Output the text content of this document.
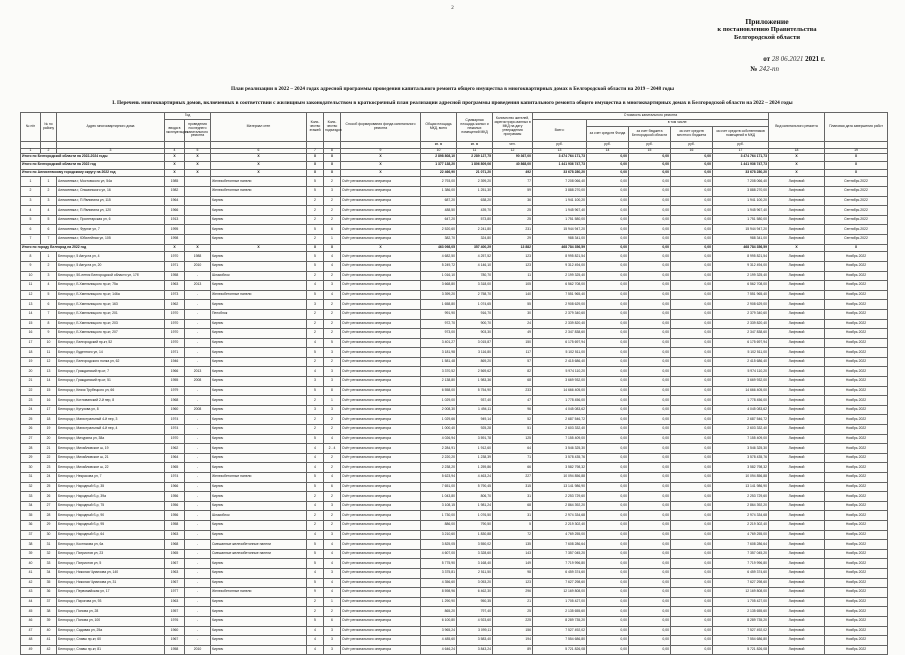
2
Приложение
к постановлению Правительства
Белгородской области
от 28 06.2021 2021 г.
№ 242-пп
План реализации в 2022 – 2024 годах адресной программы проведения капитального ремонта общего имущества в многоквартирных домах в Белгородской области на 2019 – 2048 годы
I. Перечень многоквартирных домов, включенных в соответствии с жилищным законодательством в краткосрочный план реализации адресной программы проведения капитального ремонта общего имущества в многоквартирных домах в Белгородской области на 2022 – 2024 годы
№ п/п	№ по району	Адрес многоквартирного дома	Год		Материал стен	Коли-чество этажей	Коли-чество подъездов	Способ формирования фонда капитального ремонта	Общая площадь МКД, всего	Суммарная площадь жилых и нежилых помещений МКД	Количество жителей, зарегистриро-ванных в МКД на дату утверждения программы	Стоимость капитального ремонта					Вид капитального ремонта	Плановая дата завершения работ
			ввода в эксплуатацию	проведения последнего капитального ремонта								Всего:	в том числе:					
													за счет средств Фонда	за счет бюджета Белгородской области	за счет средств местного бюджета	за счет средств собственников помещений в МКД		
									кв. м	кв. м	чел.	руб.	руб.	руб.	руб.	руб.		
1	2	3	4	5	6	7	8	9	10	11	12	13	14	15	16	17	18	19
Итого по Белгородской области на 2022-2024 годы			X	X	X	X	X	X	2 898 808,10	2 289 127,75	90 367,00	3 474 764 171,73	0,00	0,00	0,00	3 474 764 171,73	X	X
Итого по Белгородской области на 2022 год			X	X	X	X	X	X	1 377 138,20	1 806 809,06	40 868,00	1 441 936 747,73	0,00	0,00	0,00	1 441 936 747,73	X	X
Итого по Алексеевскому городскому округу на 2022 год			X	X	X	X	X	X	22 466,90	21 071,20	492	33 678 280,20	0,00	0,00	0,00	33 678 280,20	X	X
1	1	Алексеевка г, Мостовского ул, 54а	1985		Железобетонные панели	5	2	Счёт регионального оператора	2 793,00	2 399,20	77	7 208 066,40	0,00	0,00	0,00	7 208 066,40	Лифтовой	Сентябрь 2022
2	2	Алексеевка г, Ольминского ул, 16	1982		Железобетонные панели	5	3	Счёт регионального оператора	1 386,00	1 251,30	59	3 888 270,00	0,00	0,00	0,00	3 888 270,00	Лифтовой	Сентябрь 2022
3	3	Алексеевка г, П.Явлинина ул, 115	1964		Кирпич	2	2	Счёт регионального оператора	687,20	638,20	36	1 941 100,20	0,00	0,00	0,00	1 941 100,20	Лифтовой	Сентябрь 2022
4	4	Алексеевка г, П.Явлинина ул, 120	1966		Кирпич	2	2	Счёт регионального оператора	488,50	439,70	25	1 945 967,40	0,00	0,00	0,00	1 945 967,40	Лифтовой	Сентябрь 2022
5	5	Алексеевка г, Пролетарская ул, 6	1913		Кирпич	2	2	Счёт регионального оператора	647,20	573,80	25	1 751 580,00	0,00	0,00	0,00	1 751 580,00	Лифтовой	Сентябрь 2022
6	6	Алексеевка г, Фрунзе ул, 7	1995		Кирпич	5	6	Счёт регионального оператора	2 520,60	2 241,80	231	15 944 947,20	0,00	0,00	0,00	15 944 947,20	Лифтовой	Сентябрь 2022
7	7	Алексеевка г, Юбилейная ул, 105	1998		Кирпич	2	1	Счёт регионального оператора	382,70	324,80	29	988 341,00	0,00	0,00	0,00	988 341,00	Лифтовой	Сентябрь 2022
Итого по городу Белгород на 2022 год			X	X	X	X	X	X	463 098,05	357 400,29	13 882	468 784 356,59	0,00	0,00	0,00	468 784 356,59	X	X
8	1	Белгород г, 5 Августа ул, 4	1970	1988	Кирпич	5	4	Счёт регионального оператора	4 682,50	4 257,52	123	8 995 821,54	0,00	0,00	0,00	8 995 821,54	Лифтовой	Ноябрь 2022
9	2	Белгород г, 5 Августа ул, 20	1971	2010	Кирпич	5	4	Счёт регионального оператора	5 249,72	4 146,10	123	9 312 494,00	0,00	0,00	0,00	9 312 494,00	Лифтовой	Ноябрь 2022
10	3	Белгород г, 50-летия Белгородской области ул, 17б	1958	-	Шлакоблок	2	2	Счёт регионального оператора	1 016,10	780,70	11	2 199 325,40	0,00	0,00	0,00	2 199 325,40	Лифтовой	Ноябрь 2022
11	4	Белгород г, Б.Хмельницкого пр-кт, 75а	1963	2013	Кирпич	4	3	Счёт регионального оператора	3 668,80	3 318,00	105	6 562 708,00	0,00	0,00	0,00	6 562 708,00	Лифтовой	Ноябрь 2022
12	5	Белгород г, Б.Хмельницкого пр-кт, 146а	1973	-	Железобетонные панели	5	4	Счёт регионального оператора	3 399,20	2 758,70	140	7 551 965,40	0,00	0,00	0,00	7 551 965,40	Лифтовой	Ноябрь 2022
13	6	Белгород г, Б.Хмельницкого пр-кт, 163	1962	-	Кирпич	3	2	Счёт регионального оператора	1 658,80	1 074,65	55	2 908 629,00	0,00	0,00	0,00	2 908 629,00	Лифтовой	Ноябрь 2022
14	7	Белгород г, Б.Хмельницкого пр-кт, 201	1970	-	Пеноблок	2	2	Счёт регионального оператора	991,90	916,70	30	2 379 340,60	0,00	0,00	0,00	2 379 340,60	Лифтовой	Ноябрь 2022
15	8	Белгород г, Б.Хмельницкого пр-кт, 203	1970	-	Кирпич	2	2	Счёт регионального оператора	972,70	900,70	24	2 339 820,40	0,00	0,00	0,00	2 339 820,40	Лифтовой	Ноябрь 2022
16	9	Белгород г, Б.Хмельницкого пр-кт, 207	1970	-	Кирпич	2	2	Счёт регионального оператора	973,00	903,30	49	2 347 838,60	0,00	0,00	0,00	2 347 838,60	Лифтовой	Ноябрь 2022
17	10	Белгород г, Белгородский пр-кт, 52	1970	-	Кирпич	4	5	Счёт регионального оператора	3 401,27	3 015,87	150	6 175 697,94	0,00	0,00	0,00	6 175 697,94	Лифтовой	Ноябрь 2022
18	11	Белгород г, Буденного ул, 14	1971	-	Кирпич	5	3	Счёт регионального оператора	3 181,98	3 116,80	117	5 102 511,00	0,00	0,00	0,00	5 102 511,00	Лифтовой	Ноябрь 2022
19	12	Белгород г, Белгородского полка ул, 62	1946	-	Кирпич	2	2	Счёт регионального оператора	1 581,48	869,20	57	2 415 686,40	0,00	0,00	0,00	2 415 686,40	Лифтовой	Ноябрь 2022
20	13	Белгород г, Гражданский пр-кт, 7	1966	2013	Кирпич	4	3	Счёт регионального оператора	3 370,52	2 569,62	82	5 974 110,20	0,00	0,00	0,00	5 974 110,20	Лифтовой	Ноябрь 2022
21	14	Белгород г, Гражданский пр-кт, 51	1955	2008	Кирпич	3	3	Счёт регионального оператора	2 138,80	1 983,36	68	3 669 932,00	0,00	0,00	0,00	3 669 932,00	Лифтовой	Ноябрь 2022
22	15	Белгород г, Князя Трубецкого ул, 66	1979	-	Кирпич	5	8	Счёт регионального оператора	6 558,00	5 754,90	233	14 666 405,00	0,00	0,00	0,00	14 666 405,00	Лифтовой	Ноябрь 2022
23	16	Белгород г, Котлованский 2-й пер, 8	1968	-	Кирпич	2	1	Счёт регионального оператора	1 029,00	937,40	47	1 778 456,00	0,00	0,00	0,00	1 778 456,00	Лифтовой	Ноябрь 2022
24	17	Белгород г, Кутузова ул, 8	1960	2008	Кирпич	3	3	Счёт регионального оператора	2 008,30	1 494,11	96	4 045 083,62	0,00	0,00	0,00	4 045 083,62	Лифтовой	Ноябрь 2022
25	18	Белгород г, Магистральный 4-й пер, 3	1974	-	Кирпич	2	2	Счёт регионального оператора	1 029,66	949,14	52	2 687 546,72	0,00	0,00	0,00	2 687 546,72	Лифтовой	Ноябрь 2022
26	19	Белгород г, Магистральный 4-й пер, 4	1974	-	Кирпич	2	2	Счёт регионального оператора	1 000,40	925,28	51	2 603 332,40	0,00	0,00	0,00	2 603 332,40	Лифтовой	Ноябрь 2022
27	20	Белгород г, Мичурина ул, 38а	1970	-	Кирпич	5	4	Счёт регионального оператора	4 026,94	3 591,78	125	7 155 409,00	0,00	0,00	0,00	7 155 409,00	Лифтовой	Ноябрь 2022
28	21	Белгород г, Михайловское ш, 19	1962	-	Кирпич	4	2 - 4	Счёт регионального оператора	2 284,91	1 912,60	64	3 546 325,30	0,00	0,00	0,00	3 546 325,30	Лифтовой	Ноябрь 2022
29	22	Белгород г, Михайловское ш, 21	1964	-	Кирпич	4	2	Счёт регионального оператора	2 220,20	1 238,39	71	3 578 435,76	0,00	0,00	0,00	3 578 435,76	Лифтовой	Ноябрь 2022
30	23	Белгород г, Михайловское ш, 22	1965	-	Кирпич	4	2	Счёт регионального оператора	2 238,20	1 259,86	66	3 582 798,32	0,00	0,00	0,00	3 582 798,32	Лифтовой	Ноябрь 2022
31	24	Белгород г, Некрасова ул, 7	1974	-	Железобетонные панели	5	4	Счёт регионального оператора	5 623,94	4 463,24	227	10 094 856,88	0,00	0,00	0,00	10 094 856,88	Лифтовой	Ноябрь 2022
32	25	Белгород г, Народный б-р, 35	1966	-	Кирпич	5	6	Счёт регионального оператора	7 651,00	5 790,45	315	13 141 986,90	0,00	0,00	0,00	13 141 986,90	Лифтовой	Ноябрь 2022
33	26	Белгород г, Народный б-р, 39а	1956	-	Кирпич	2	2	Счёт регионального оператора	1 043,80	806,70	31	2 253 729,60	0,00	0,00	0,00	2 253 729,60	Лифтовой	Ноябрь 2022
34	27	Белгород г, Народный б-р, 75	1956	-	Кирпич	4	3	Счёт регионального оператора	3 108,15	1 981,24	68	2 864 392,20	0,00	0,00	0,00	2 864 392,20	Лифтовой	Ноябрь 2022
35	28	Белгород г, Народный б-р, 90	1956	-	Шлакоблок	2	2	Счёт регионального оператора	1 730,00	1 076,50	31	2 974 334,68	0,00	0,00	0,00	2 974 334,68	Лифтовой	Ноябрь 2022
36	29	Белгород г, Народный б-р, 95	1958	-	Кирпич	2	2	Счёт регионального оператора	886,00	790,50	5	2 219 302,40	0,00	0,00	0,00	2 219 302,40	Лифтовой	Ноябрь 2022
37	30	Белгород г, Народный б-р, 64	1963	-	Кирпич	4	3	Счёт регионального оператора	3 210,60	1 830,88	72	4 769 255,00	0,00	0,00	0,00	4 769 255,00	Лифтовой	Ноябрь 2022
38	31	Белгород г, Костюкова ул, 6а	1968	-	Смешанные железобетонные панели	5	4	Счёт регионального оператора	3 825,05	3 550,02	135	7 608 286,64	0,00	0,00	0,00	7 608 286,64	Лифтовой	Ноябрь 2022
39	32	Белгород г, Патриотов ул, 23	1965	-	Смешанные железобетонные панели	5	4	Счёт регионального оператора	4 607,00	3 328,60	143	7 357 045,20	0,00	0,00	0,00	7 357 045,20	Лифтовой	Ноябрь 2022
40	33	Белгород г, Патриотов ул, 5	1967	-	Кирпич	5	4	Счёт регионального оператора	5 775,90	3 168,40	149	7 719 996,80	0,00	0,00	0,00	7 719 996,80	Лифтовой	Ноябрь 2022
41	34	Белгород г, Николая Чумичова ул, 140	1963	-	Кирпич	4	3	Счёт регионального оператора	3 375,81	2 511,50	98	6 459 374,60	0,00	0,00	0,00	6 459 374,60	Лифтовой	Ноябрь 2022
42	35	Белгород г, Николая Чумичова ул, 31	1967	-	Кирпич	5	4	Счёт регионального оператора	4 356,60	3 053,20	123	7 627 298,60	0,00	0,00	0,00	7 627 298,60	Лифтовой	Ноябрь 2022
43	36	Белгород г, Первомайская ул, 17	1977	-	Железобетонные панели	9	4	Счёт регионального оператора	8 598,96	6 462,30	296	12 169 808,00	0,00	0,00	0,00	12 169 808,00	Лифтовой	Ноябрь 2022
44	37	Белгород г, Пирогова ул, 93	1963	-	Кирпич	2	1	Счёт регионального оператора	1 290,90	950,35	21	1 705 427,00	0,00	0,00	0,00	1 705 427,00	Лифтовой	Ноябрь 2022
45	38	Белгород г, Попова ул, 28	1957	-	Кирпич	2	2	Счёт регионального оператора	865,20	797,40	25	2 135 655,60	0,00	0,00	0,00	2 135 655,60	Лифтовой	Ноябрь 2022
46	39	Белгород г, Попова ул, 100	1976	-	Кирпич	5	6	Счёт регионального оператора	6 100,80	4 923,60	225	8 289 735,20	0,00	0,00	0,00	8 289 735,20	Лифтовой	Ноябрь 2022
47	40	Белгород г, Садовая ул, 25а	1960	-	Кирпич	4	3	Счёт регионального оператора	3 965,24	3 099,11	156	7 527 492,02	0,00	0,00	0,00	7 527 492,02	Лифтовой	Ноябрь 2022
48	41	Белгород г, Славы пр-кт, 60	1967	-	Кирпич	4	3	Счёт регионального оператора	4 485,60	3 583,40	194	7 554 686,80	0,00	0,00	0,00	7 554 686,80	Лифтовой	Ноябрь 2022
49	42	Белгород г, Славы пр-кт, 81	1958	2010	Кирпич	4	3	Счёт регионального оператора	4 646,24	3 843,24	89	5 721 826,08	0,00	0,00	0,00	5 721 826,08	Лифтовой	Ноябрь 2022
